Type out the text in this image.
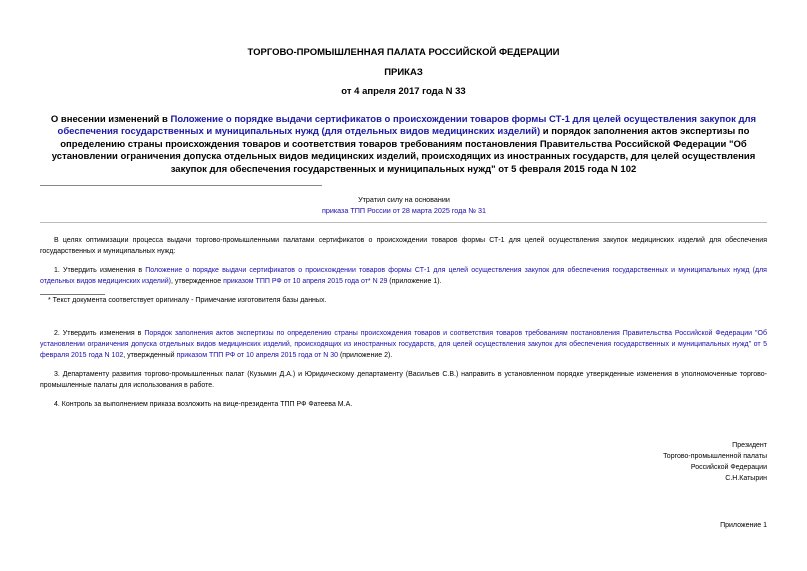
ТОРГОВО-ПРОМЫШЛЕННАЯ ПАЛАТА РОССИЙСКОЙ ФЕДЕРАЦИИ
ПРИКАЗ
от 4 апреля 2017 года N 33
О внесении изменений в Положение о порядке выдачи сертификатов о происхождении товаров формы СТ-1 для целей осуществления закупок для обеспечения государственных и муниципальных нужд (для отдельных видов медицинских изделий) и порядок заполнения актов экспертизы по определению страны происхождения товаров и соответствия товаров требованиям постановления Правительства Российской Федерации "Об установлении ограничения допуска отдельных видов медицинских изделий, происходящих из иностранных государств, для целей осуществления закупок для обеспечения государственных и муниципальных нужд" от 5 февраля 2015 года N 102
Утратил силу на основании
приказа ТПП России от 28 марта 2025 года № 31
В целях оптимизации процесса выдачи торгово-промышленными палатами сертификатов о происхождении товаров формы СТ-1 для целей осуществления закупок медицинских изделий для обеспечения государственных и муниципальных нужд:
1. Утвердить изменения в Положение о порядке выдачи сертификатов о происхождении товаров формы СТ-1 для целей осуществления закупок для обеспечения государственных и муниципальных нужд (для отдельных видов медицинских изделий), утвержденное приказом ТПП РФ от 10 апреля 2015 года от* N 29 (приложение 1).
* Текст документа соответствует оригиналу - Примечание изготовителя базы данных.
2. Утвердить изменения в Порядок заполнения актов экспертизы по определению страны происхождения товаров и соответствия товаров требованиям постановления Правительства Российской Федерации "Об установлении ограничения допуска отдельных видов медицинских изделий, происходящих из иностранных государств, для целей осуществления закупок для обеспечения государственных и муниципальных нужд" от 5 февраля 2015 года N 102, утвержденный приказом ТПП РФ от 10 апреля 2015 года от N 30 (приложение 2).
3. Департаменту развития торгово-промышленных палат (Кузьмин Д.А.) и Юридическому департаменту (Васильев С.В.) направить в установленном порядке утвержденные изменения в уполномоченные торгово-промышленные палаты для использования в работе.
4. Контроль за выполнением приказа возложить на вице-президента ТПП РФ Фатеева М.А.
Президент
Торгово-промышленной палаты
Российской Федерации
С.Н.Катырин
Приложение 1
